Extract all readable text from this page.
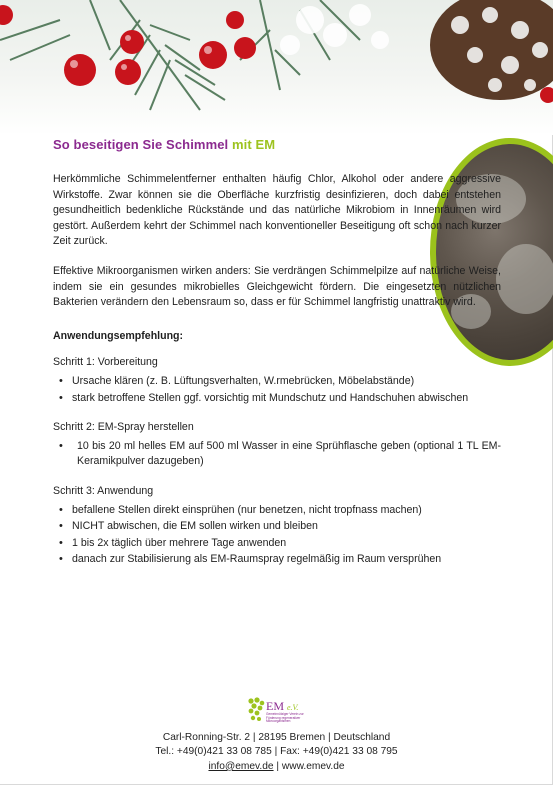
So beseitigen Sie Schimmel mit EM

Herkömmliche Schimmelentferner enthalten häufig Chlor, Alkohol oder andere aggressive Wirkstoffe. Zwar können sie die Oberfläche kurzfristig desinfizieren, doch dabei entstehen gesundheitlich bedenkliche Rückstände und das natürliche Mikrobiom in Innenräumen wird gestört. Außerdem kehrt der Schimmel nach konventioneller Beseitigung oft schon nach kurzer Zeit zurück.

Effektive Mikroorganismen wirken anders: Sie verdrängen Schimmelpilze auf natürliche Weise, indem sie ein gesundes mikrobielles Gleichgewicht fördern. Die eingesetzten nützlichen Bakterien verändern den Lebensraum so, dass er für Schimmel langfristig unattraktiv wird.

Anwendungsempfehlung:
Schritt 1: Vorbereitung
• Ursache klären (z. B. Lüftungsverhalten, W.rmebrücken, Möbelabstände)
• stark betroffene Stellen ggf. vorsichtig mit Mundschutz und Handschuhen abwischen
Schritt 2: EM-Spray herstellen
• 10 bis 20 ml helles EM auf 500 ml Wasser in eine Sprühflasche geben (optional 1 TL EM-Keramikpulver dazugeben)
Schritt 3: Anwendung
• befallene Stellen direkt einsprühen (nur benetzen, nicht tropfnass machen)
• NICHT abwischen, die EM sollen wirken und bleiben
• 1 bis 2x täglich über mehrere Tage anwenden
• danach zur Stabilisierung als EM-Raumspray regelmäßig im Raum versprühen
EM e.V.
Gemeinnütziger Verein zur Förderung regenerativer Mikroorganismen
Carl-Ronning-Str. 2 | 28195 Bremen | Deutschland
Tel.: +49(0)421 33 08 785 | Fax: +49(0)421 33 08 795
info@emev.de | www.emev.de
